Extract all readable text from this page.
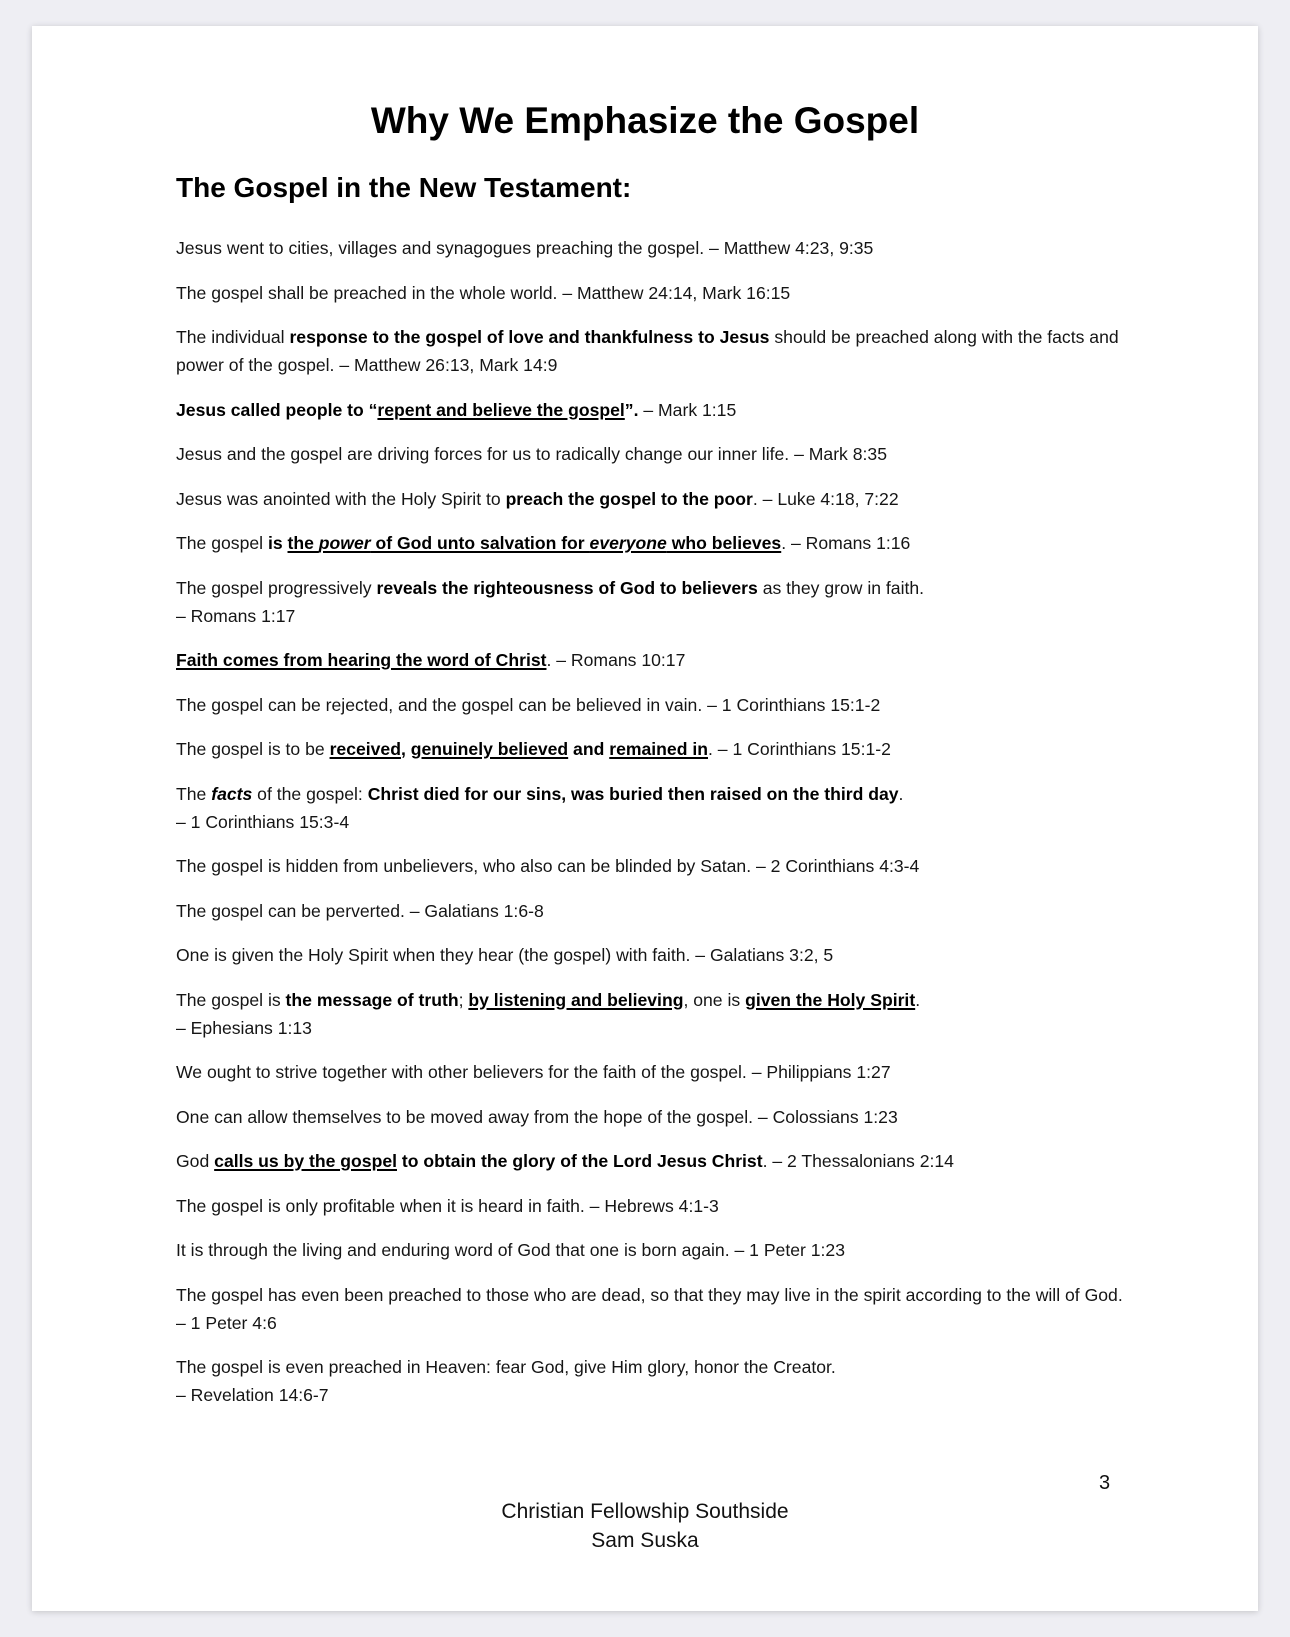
Why We Emphasize the Gospel
The Gospel in the New Testament:

Jesus went to cities, villages and synagogues preaching the gospel. – Matthew 4:23, 9:35

The gospel shall be preached in the whole world. – Matthew 24:14, Mark 16:15

The individual response to the gospel of love and thankfulness to Jesus should be preached along with the facts and power of the gospel. – Matthew 26:13, Mark 14:9

Jesus called people to “repent and believe the gospel”. – Mark 1:15

Jesus and the gospel are driving forces for us to radically change our inner life. – Mark 8:35

Jesus was anointed with the Holy Spirit to preach the gospel to the poor. – Luke 4:18, 7:22

The gospel is the power of God unto salvation for everyone who believes. – Romans 1:16

The gospel progressively reveals the righteousness of God to believers as they grow in faith.
– Romans 1:17

Faith comes from hearing the word of Christ. – Romans 10:17

The gospel can be rejected, and the gospel can be believed in vain. – 1 Corinthians 15:1-2

The gospel is to be received, genuinely believed and remained in. – 1 Corinthians 15:1-2

The facts of the gospel: Christ died for our sins, was buried then raised on the third day.
– 1 Corinthians 15:3-4

The gospel is hidden from unbelievers, who also can be blinded by Satan. – 2 Corinthians 4:3-4

The gospel can be perverted. – Galatians 1:6-8

One is given the Holy Spirit when they hear (the gospel) with faith. – Galatians 3:2, 5

The gospel is the message of truth; by listening and believing, one is given the Holy Spirit.
– Ephesians 1:13

We ought to strive together with other believers for the faith of the gospel. – Philippians 1:27

One can allow themselves to be moved away from the hope of the gospel. – Colossians 1:23

God calls us by the gospel to obtain the glory of the Lord Jesus Christ. – 2 Thessalonians 2:14

The gospel is only profitable when it is heard in faith. – Hebrews 4:1-3

It is through the living and enduring word of God that one is born again. – 1 Peter 1:23

The gospel has even been preached to those who are dead, so that they may live in the spirit according to the will of God. – 1 Peter 4:6

The gospel is even preached in Heaven: fear God, give Him glory, honor the Creator.
– Revelation 14:6-7

3
Christian Fellowship Southside
Sam Suska
